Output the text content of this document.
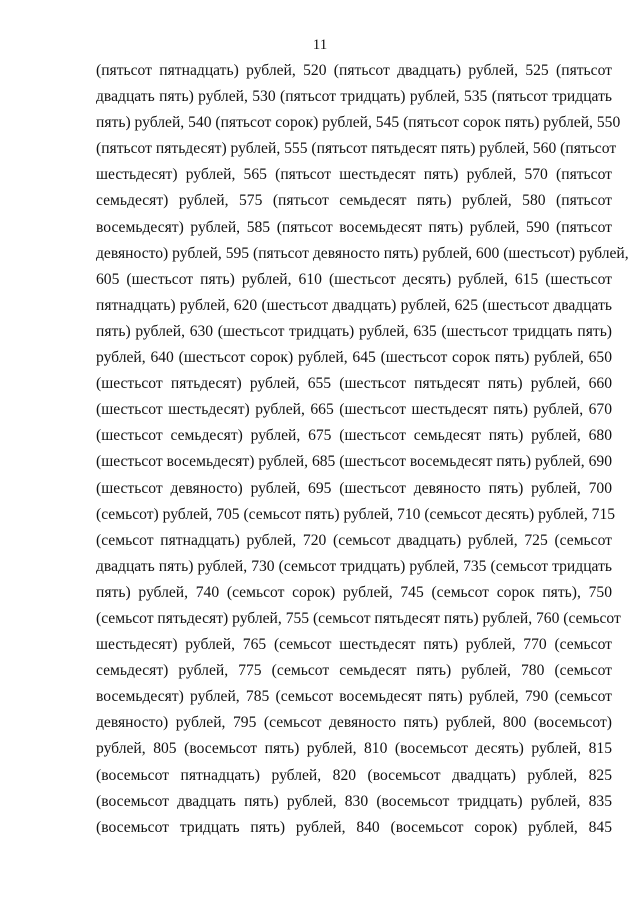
11
(пятьсот пятнадцать) рублей, 520 (пятьсот двадцать) рублей, 525 (пятьсот
двадцать пять) рублей, 530 (пятьсот тридцать) рублей, 535 (пятьсот тридцать
пять) рублей, 540 (пятьсот сорок) рублей, 545 (пятьсот сорок пять) рублей, 550
(пятьсот пятьдесят) рублей, 555 (пятьсот пятьдесят пять) рублей, 560 (пятьсот
шестьдесят) рублей, 565 (пятьсот шестьдесят пять) рублей, 570 (пятьсот
семьдесят) рублей, 575 (пятьсот семьдесят пять) рублей, 580 (пятьсот
восемьдесят) рублей, 585 (пятьсот восемьдесят пять) рублей, 590 (пятьсот
девяносто) рублей, 595 (пятьсот девяносто пять) рублей, 600 (шестьсот) рублей,
605 (шестьсот пять) рублей, 610 (шестьсот десять) рублей, 615 (шестьсот
пятнадцать) рублей, 620 (шестьсот двадцать) рублей, 625 (шестьсот двадцать
пять) рублей, 630 (шестьсот тридцать) рублей, 635 (шестьсот тридцать пять)
рублей, 640 (шестьсот сорок) рублей, 645 (шестьсот сорок пять) рублей, 650
(шестьсот пятьдесят) рублей, 655 (шестьсот пятьдесят пять) рублей, 660
(шестьсот шестьдесят) рублей, 665 (шестьсот шестьдесят пять) рублей, 670
(шестьсот семьдесят) рублей, 675 (шестьсот семьдесят пять) рублей, 680
(шестьсот восемьдесят) рублей, 685 (шестьсот восемьдесят пять) рублей, 690
(шестьсот девяносто) рублей, 695 (шестьсот девяносто пять) рублей, 700
(семьсот) рублей, 705 (семьсот пять) рублей, 710 (семьсот десять) рублей, 715
(семьсот пятнадцать) рублей, 720 (семьсот двадцать) рублей, 725 (семьсот
двадцать пять) рублей, 730 (семьсот тридцать) рублей, 735 (семьсот тридцать
пять) рублей, 740 (семьсот сорок) рублей, 745 (семьсот сорок пять), 750
(семьсот пятьдесят) рублей, 755 (семьсот пятьдесят пять) рублей, 760 (семьсот
шестьдесят) рублей, 765 (семьсот шестьдесят пять) рублей, 770 (семьсот
семьдесят) рублей, 775 (семьсот семьдесят пять) рублей, 780 (семьсот
восемьдесят) рублей, 785 (семьсот восемьдесят пять) рублей, 790 (семьсот
девяносто) рублей, 795 (семьсот девяносто пять) рублей, 800 (восемьсот)
рублей, 805 (восемьсот пять) рублей, 810 (восемьсот десять) рублей, 815
(восемьсот пятнадцать) рублей, 820 (восемьсот двадцать) рублей, 825
(восемьсот двадцать пять) рублей, 830 (восемьсот тридцать) рублей, 835
(восемьсот тридцать пять) рублей, 840 (восемьсот сорок) рублей, 845
